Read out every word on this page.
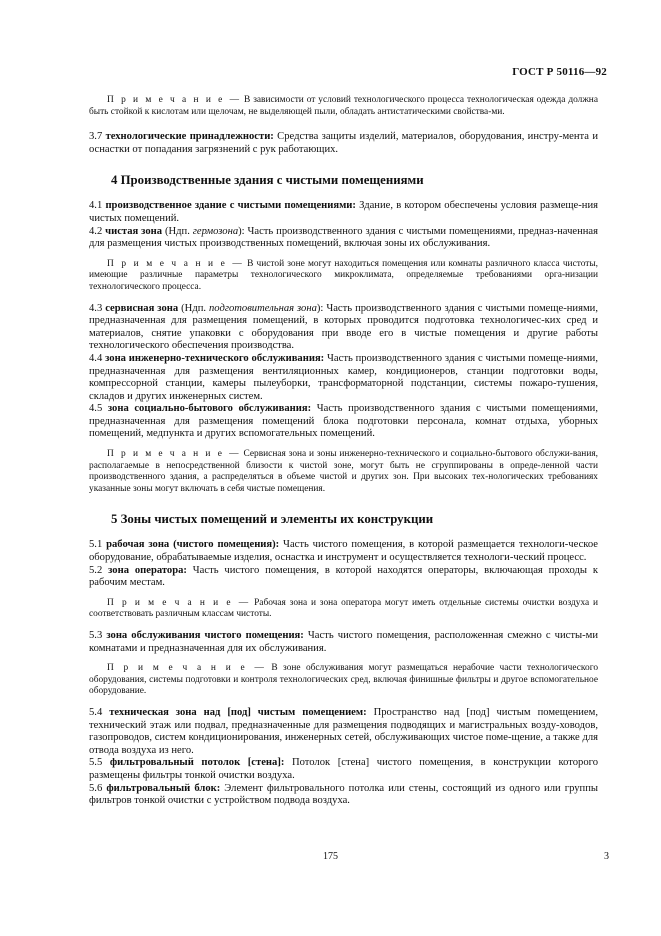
ГОСТ Р 50116—92

П р и м е ч а н и е — В зависимости от условий технологического процесса технологическая одежда должна быть стойкой к кислотам или щелочам, не выделяющей пыли, обладать антистатическими свойства-ми.

3.7 технологические принадлежности: Средства защиты изделий, материалов, оборудования, инстру-мента и оснастки от попадания загрязнений с рук работающих.

4 Производственные здания с чистыми помещениями

4.1 производственное здание с чистыми помещениями: Здание, в котором обеспечены условия размеще-ния чистых помещений.

4.2 чистая зона (Ндп. гермозона): Часть производственного здания с чистыми помещениями, предназ-наченная для размещения чистых производственных помещений, включая зоны их обслуживания.

П р и м е ч а н и е — В чистой зоне могут находиться помещения или комнаты различного класса чистоты, имеющие различные параметры технологического микроклимата, определяемые требованиями орга-низации технологического процесса.

4.3 сервисная зона (Ндп. подготовительная зона): Часть производственного здания с чистыми помеще-ниями, предназначенная для размещения помещений, в которых проводится подготовка технологичес-ких сред и материалов, снятие упаковки с оборудования при вводе его в чистые помещения и другие работы технологического обеспечения производства.

4.4 зона инженерно-технического обслуживания: Часть производственного здания с чистыми помеще-ниями, предназначенная для размещения вентиляционных камер, кондиционеров, станции подготовки воды, компрессорной станции, камеры пылеуборки, трансформаторной подстанции, системы пожаро-тушения, складов и других инженерных систем.

4.5 зона социально-бытового обслуживания: Часть производственного здания с чистыми помещениями, предназначенная для размещения помещений блока подготовки персонала, комнат отдыха, уборных помещений, медпункта и других вспомогательных помещений.

П р и м е ч а н и е — Сервисная зона и зоны инженерно-технического и социально-бытового обслужи-вания, располагаемые в непосредственной близости к чистой зоне, могут быть не сгруппированы в опреде-ленной части производственного здания, а распределяться в объеме чистой и других зон. При высоких тех-нологических требованиях указанные зоны могут включать в себя чистые помещения.

5 Зоны чистых помещений и элементы их конструкции

5.1 рабочая зона (чистого помещения): Часть чистого помещения, в которой размещается технологи-ческое оборудование, обрабатываемые изделия, оснастка и инструмент и осуществляется технологи-ческий процесс.

5.2 зона оператора: Часть чистого помещения, в которой находятся операторы, включающая проходы к рабочим местам.

П р и м е ч а н и е — Рабочая зона и зона оператора могут иметь отдельные системы очистки воздуха и соответствовать различным классам чистоты.

5.3 зона обслуживания чистого помещения: Часть чистого помещения, расположенная смежно с чисты-ми комнатами и предназначенная для их обслуживания.

П р и м е ч а н и е — В зоне обслуживания могут размещаться нерабочие части технологического оборудования, системы подготовки и контроля технологических сред, включая финишные фильтры и другое вспомогательное оборудование.

5.4 техническая зона над [под] чистым помещением: Пространство над [под] чистым помещением, технический этаж или подвал, предназначенные для размещения подводящих и магистральных возду-ховодов, газопроводов, систем кондиционирования, инженерных сетей, обслуживающих чистое поме-щение, а также для отвода воздуха из него.

5.5 фильтровальный потолок [стена]: Потолок [стена] чистого помещения, в конструкции которого размещены фильтры тонкой очистки воздуха.

5.6 фильтровальный блок: Элемент фильтровального потолка или стены, состоящий из одного или группы фильтров тонкой очистки с устройством подвода воздуха.

175	3
